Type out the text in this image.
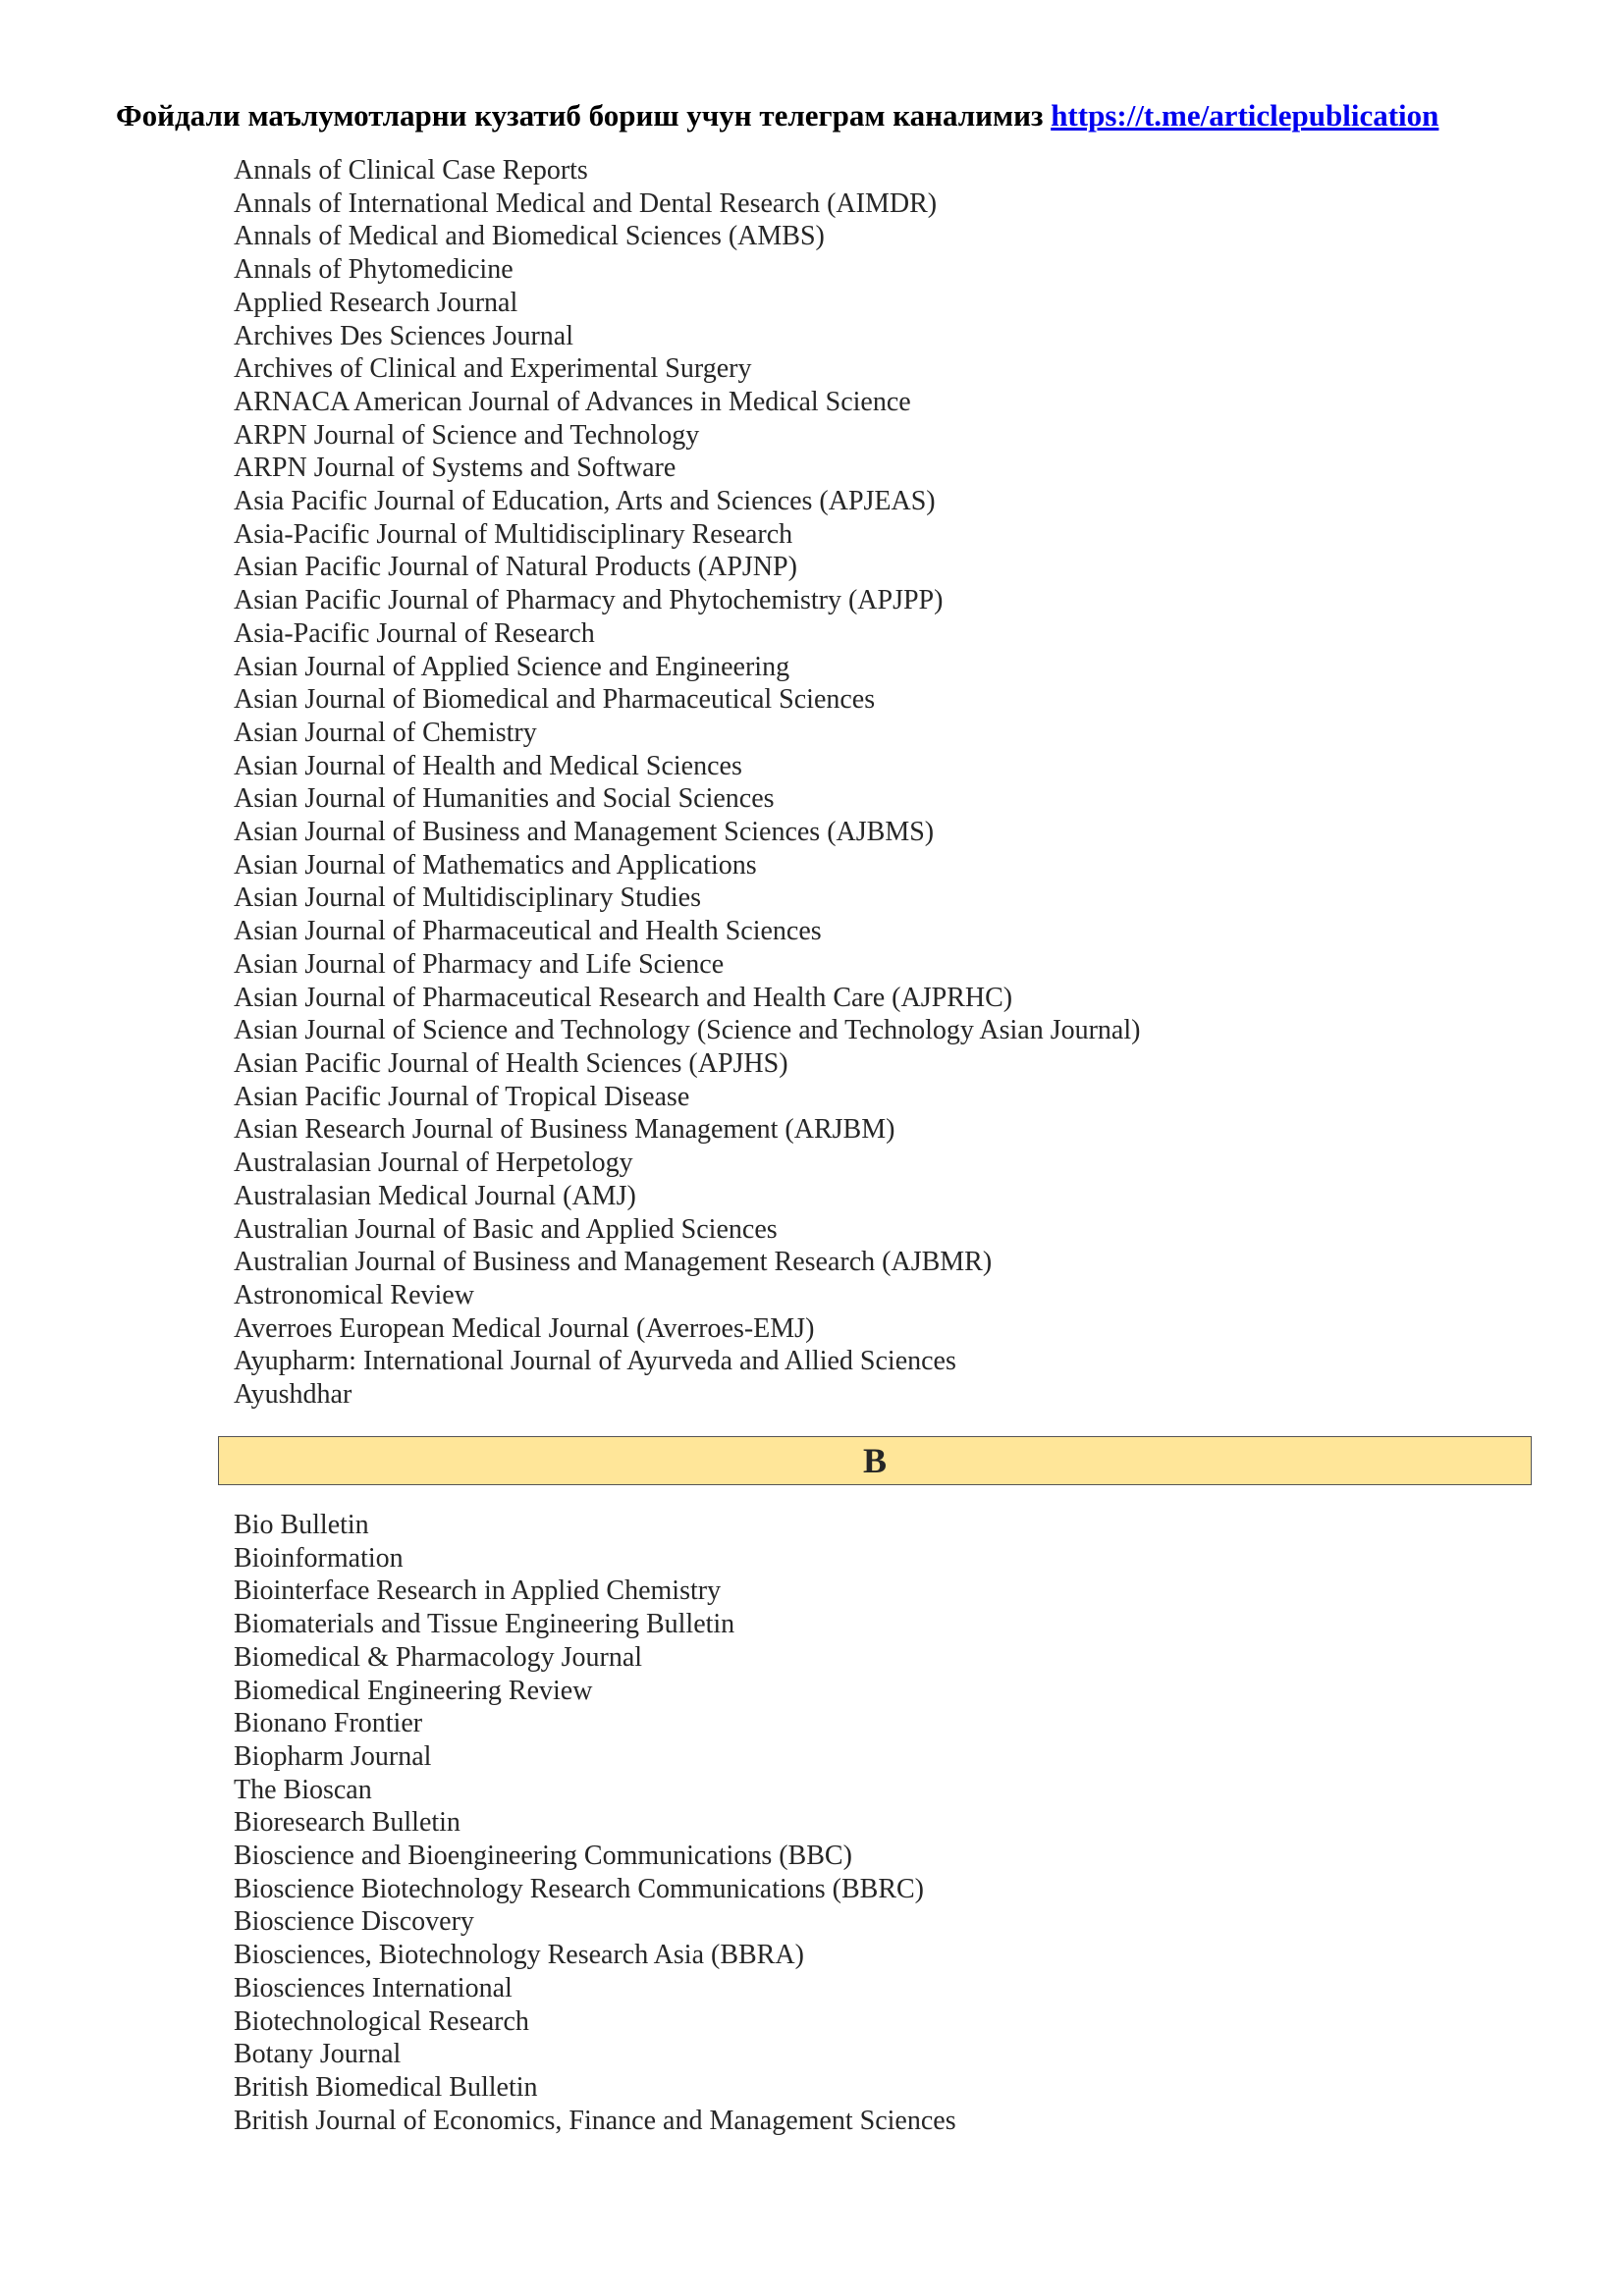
Фойдали маълумотларни кузатиб бориш учун телеграм каналимиз https://t.me/articlepublication
Annals of Clinical Case Reports
Annals of International Medical and Dental Research (AIMDR)
Annals of Medical and Biomedical Sciences (AMBS)
Annals of Phytomedicine
Applied Research Journal
Archives Des Sciences Journal
Archives of Clinical and Experimental Surgery
ARNACA American Journal of Advances in Medical Science
ARPN Journal of Science and Technology
ARPN Journal of Systems and Software
Asia Pacific Journal of Education, Arts and Sciences (APJEAS)
Asia-Pacific Journal of Multidisciplinary Research
Asian Pacific Journal of Natural Products (APJNP)
Asian Pacific Journal of Pharmacy and Phytochemistry (APJPP)
Asia-Pacific Journal of Research
Asian Journal of Applied Science and Engineering
Asian Journal of Biomedical and Pharmaceutical Sciences
Asian Journal of Chemistry
Asian Journal of Health and Medical Sciences
Asian Journal of Humanities and Social Sciences
Asian Journal of Business and Management Sciences (AJBMS)
Asian Journal of Mathematics and Applications
Asian Journal of Multidisciplinary Studies
Asian Journal of Pharmaceutical and Health Sciences
Asian Journal of Pharmacy and Life Science
Asian Journal of Pharmaceutical Research and Health Care (AJPRHC)
Asian Journal of Science and Technology (Science and Technology Asian Journal)
Asian Pacific Journal of Health Sciences (APJHS)
Asian Pacific Journal of Tropical Disease
Asian Research Journal of Business Management (ARJBM)
Australasian Journal of Herpetology
Australasian Medical Journal (AMJ)
Australian Journal of Basic and Applied Sciences
Australian Journal of Business and Management Research (AJBMR)
Astronomical Review
Averroes European Medical Journal (Averroes-EMJ)
Ayupharm: International Journal of Ayurveda and Allied Sciences
Ayushdhar
B
Bio Bulletin
Bioinformation
Biointerface Research in Applied Chemistry
Biomaterials and Tissue Engineering Bulletin
Biomedical & Pharmacology Journal
Biomedical Engineering Review
Bionano Frontier
Biopharm Journal
The Bioscan
Bioresearch Bulletin
Bioscience and Bioengineering Communications (BBC)
Bioscience Biotechnology Research Communications (BBRC)
Bioscience Discovery
Biosciences, Biotechnology Research Asia (BBRA)
Biosciences International
Biotechnological Research
Botany Journal
British Biomedical Bulletin
British Journal of Economics, Finance and Management Sciences
